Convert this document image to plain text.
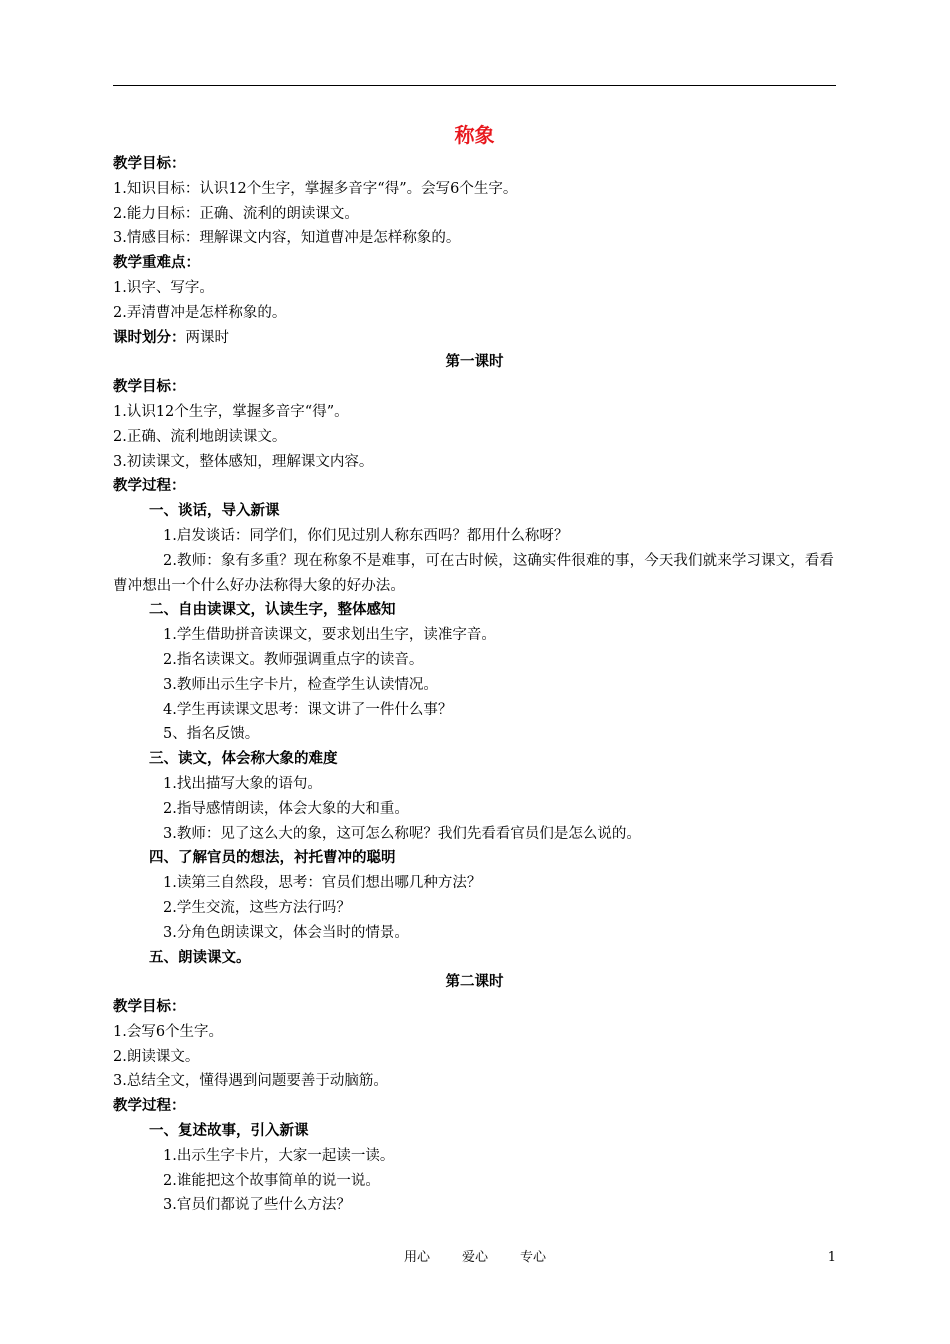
称象
教学目标：
1.知识目标：认识12个生字，掌握多音字“得”。会写6个生字。
2.能力目标：正确、流利的朗读课文。
3.情感目标：理解课文内容，知道曹冲是怎样称象的。
教学重难点：
1.识字、写字。
2.弄清曹冲是怎样称象的。
课时划分：两课时
第一课时
教学目标：
1.认识12个生字，掌握多音字“得”。
2.正确、流利地朗读课文。
3.初读课文，整体感知，理解课文内容。
教学过程：
一、谈话，导入新课
1.启发谈话：同学们，你们见过别人称东西吗？都用什么称呀？
2.教师：象有多重？现在称象不是难事，可在古时候，这确实件很难的事，今天我们就来学习课文，看看曹冲想出一个什么好办法称得大象的好办法。
二、自由读课文，认读生字，整体感知
1.学生借助拼音读课文，要求划出生字，读准字音。
2.指名读课文。教师强调重点字的读音。
3.教师出示生字卡片，检查学生认读情况。
4.学生再读课文思考：课文讲了一件什么事？
5、指名反馈。
三、读文，体会称大象的难度
1.找出描写大象的语句。
2.指导感情朗读，体会大象的大和重。
3.教师：见了这么大的象，这可怎么称呢？我们先看看官员们是怎么说的。
四、了解官员的想法，衬托曹冲的聪明
1.读第三自然段，思考：官员们想出哪几种方法？
2.学生交流，这些方法行吗？
3.分角色朗读课文，体会当时的情景。
五、朗读课文。
第二课时
教学目标：
1.会写6个生字。
2.朗读课文。
3.总结全文，懂得遇到问题要善于动脑筋。
教学过程：
一、复述故事，引入新课
1.出示生字卡片，大家一起读一读。
2.谁能把这个故事简单的说一说。
3.官员们都说了些什么方法？
用心 爱心 专心	1
